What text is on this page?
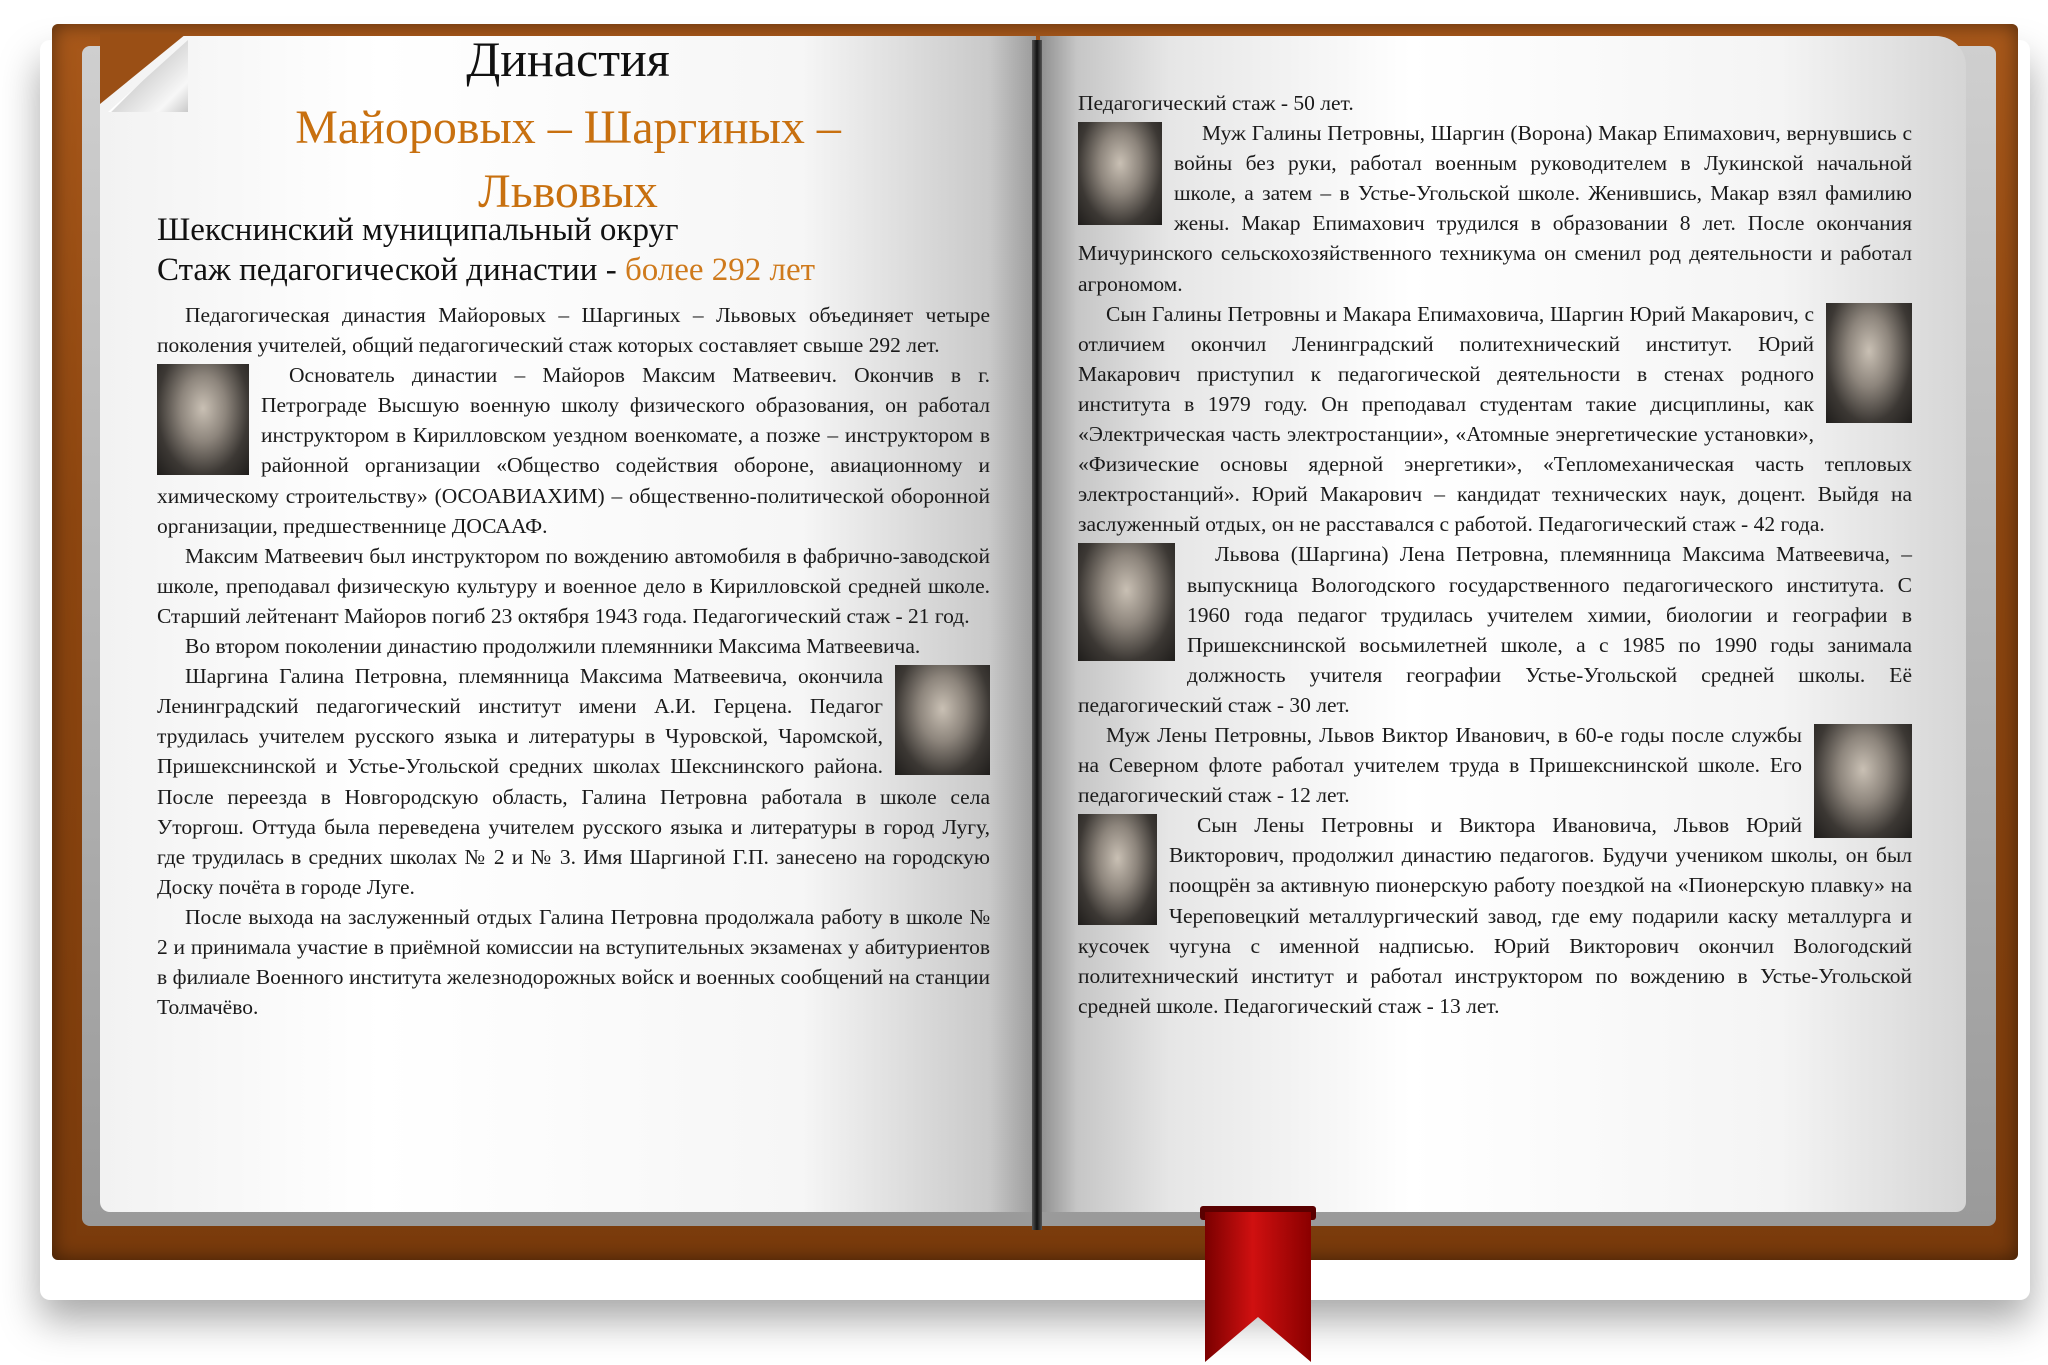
Династия
Майоровых – Шаргиных –
Львовых
Шекснинский муниципальный округ
Стаж педагогической династии - более 292 лет

Педагогическая династия Майоровых – Шаргиных – Львовых объединяет четыре поколения учителей, общий педагогический стаж которых составляет свыше 292 лет.

Основатель династии – Майоров Максим Матвеевич. Окончив в г. Петрограде Высшую военную школу физического образования, он работал инструктором в Кирилловском уездном военкомате, а позже – инструктором в районной организации «Общество содействия обороне, авиационному и химическому строительству» (ОСОАВИАХИМ) – общественно-политической оборонной организации, предшественнице ДОСААФ.

Максим Матвеевич был инструктором по вождению автомобиля в фабрично-заводской школе, преподавал физическую культуру и военное дело в Кирилловской средней школе. Старший лейтенант Майоров погиб 23 октября 1943 года. Педагогический стаж - 21 год.

Во втором поколении династию продолжили племянники Максима Матвеевича.

Шаргина Галина Петровна, племянница Максима Матвеевича, окончила Ленинградский педагогический институт имени А.И. Герцена. Педагог трудилась учителем русского языка и литературы в Чуровской, Чаромской, Пришекснинской и Устье-Угольской средних школах Шекснинского района. После переезда в Новгородскую область, Галина Петровна работала в школе села Уторгош. Оттуда была переведена учителем русского языка и литературы в город Лугу, где трудилась в средних школах № 2 и № 3. Имя Шаргиной Г.П. занесено на городскую Доску почёта в городе Луге.

После выхода на заслуженный отдых Галина Петровна продолжала работу в школе № 2 и принимала участие в приёмной комиссии на вступительных экзаменах у абитуриентов в филиале Военного института железнодорожных войск и военных сообщений на станции Толмачёво.

Педагогический стаж - 50 лет.

Муж Галины Петровны, Шаргин (Ворона) Макар Епимахович, вернувшись с войны без руки, работал военным руководителем в Лукинской начальной школе, а затем – в Устье-Угольской школе. Женившись, Макар взял фамилию жены. Макар Епимахович трудился в образовании 8 лет. После окончания Мичуринского сельскохозяйственного техникума он сменил род деятельности и работал агрономом.

Сын Галины Петровны и Макара Епимаховича, Шаргин Юрий Макарович, с отличием окончил Ленинградский политехнический институт. Юрий Макарович приступил к педагогической деятельности в стенах родного института в 1979 году. Он преподавал студентам такие дисциплины, как «Электрическая часть электростанции», «Атомные энергетические установки», «Физические основы ядерной энергетики», «Тепломеханическая часть тепловых электростанций». Юрий Макарович – кандидат технических наук, доцент. Выйдя на заслуженный отдых, он не расставался с работой. Педагогический стаж - 42 года.

Львова (Шаргина) Лена Петровна, племянница Максима Матвеевича, – выпускница Вологодского государственного педагогического института. С 1960 года педагог трудилась учителем химии, биологии и географии в Пришекснинской восьмилетней школе, а с 1985 по 1990 годы занимала должность учителя географии Устье-Угольской средней школы. Её педагогический стаж - 30 лет.

Муж Лены Петровны, Львов Виктор Иванович, в 60-е годы после службы на Северном флоте работал учителем труда в Пришекснинской школе. Его педагогический стаж - 12 лет.

Сын Лены Петровны и Виктора Ивановича, Львов Юрий Викторович, продолжил династию педагогов. Будучи учеником школы, он был поощрён за активную пионерскую работу поездкой на «Пионерскую плавку» на Череповецкий металлургический завод, где ему подарили каску металлурга и кусочек чугуна с именной надписью. Юрий Викторович окончил Вологодский политехнический институт и работал инструктором по вождению в Устье-Угольской средней школе. Педагогический стаж - 13 лет.
